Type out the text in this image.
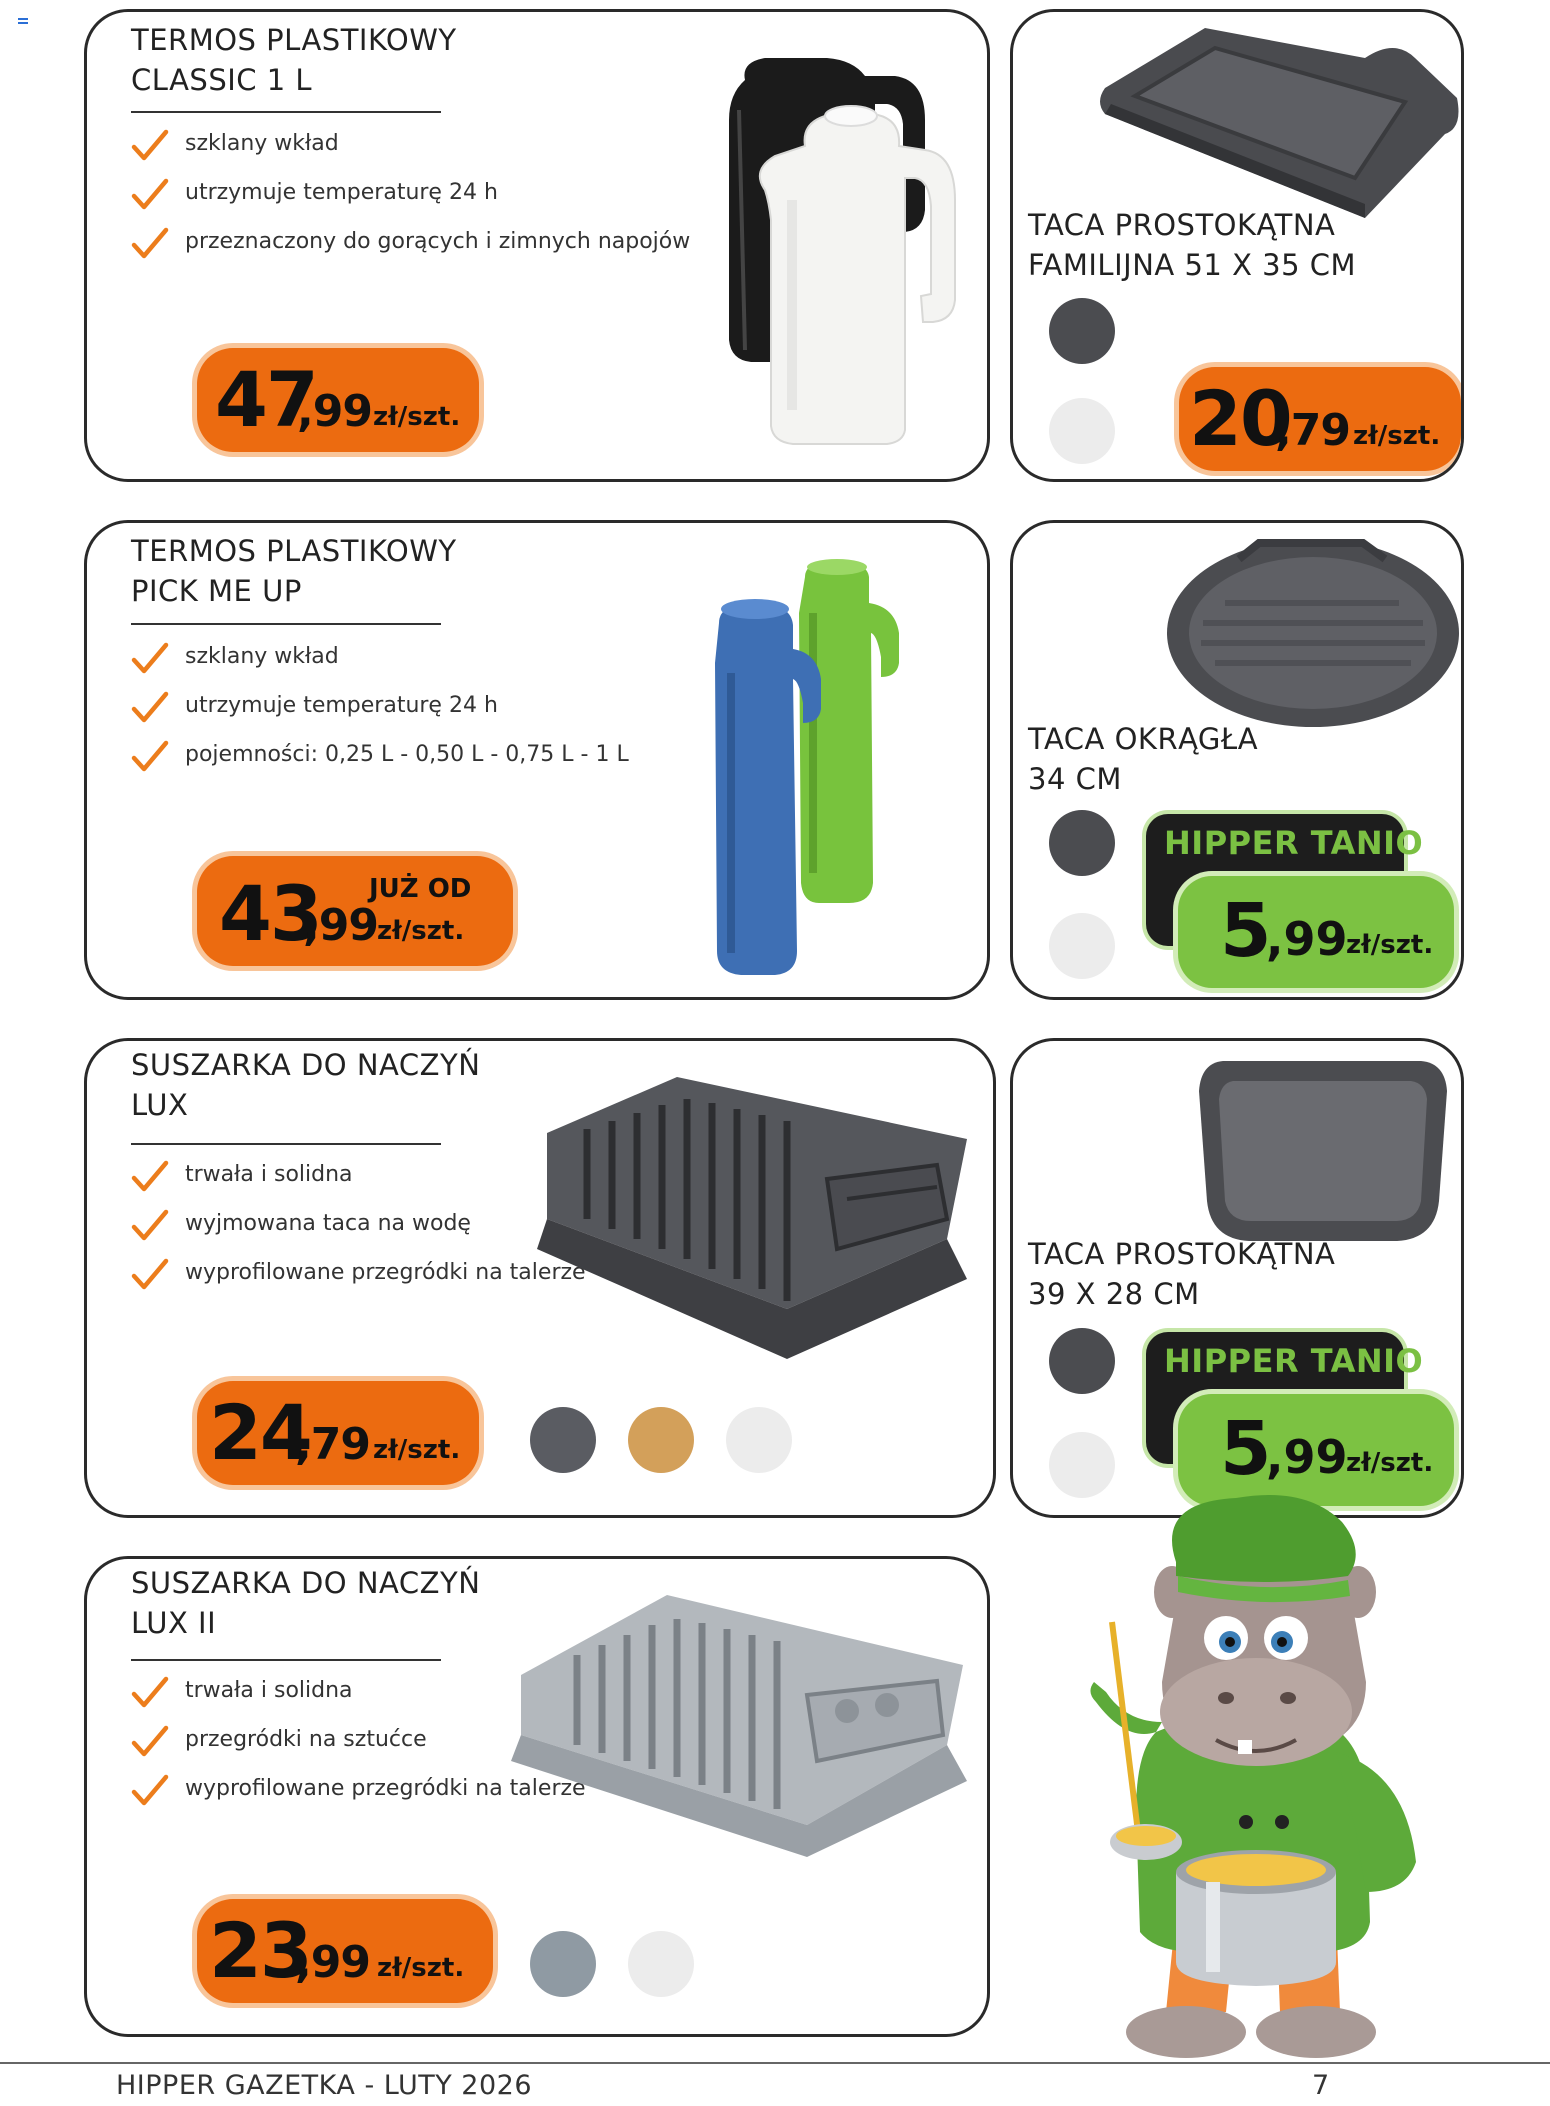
TERMOS PLASTIKOWY
CLASSIC 1 L
szklany wkład
utrzymuje temperaturę 24 h
przeznaczony do gorących i zimnych napojów
47
,99 zł/szt.
TACA PROSTOKĄTNA
FAMILIJNA 51 X 35 CM
20
,79 zł/szt.
TERMOS PLASTIKOWY
PICK ME UP
szklany wkład
utrzymuje temperaturę 24 h
pojemności: 0,25 L - 0,50 L - 0,75 L - 1 L
43
,99
JUŻ OD
zł/szt.
TACA OKRĄGŁA
34 CM
HIPPER TANIO
5
,99
zł/szt.
SUSZARKA DO NACZYŃ
LUX
trwała i solidna
wyjmowana taca na wodę
wyprofilowane przegródki na talerze
24
,79 zł/szt.
TACA PROSTOKĄTNA
39 X 28 CM
HIPPER TANIO
5
,99
zł/szt.
SUSZARKA DO NACZYŃ
LUX II
trwała i solidna
przegródki na sztućce
wyprofilowane przegródki na talerze
23
,99 zł/szt.
HIPPER GAZETKA - LUTY 2026	7
